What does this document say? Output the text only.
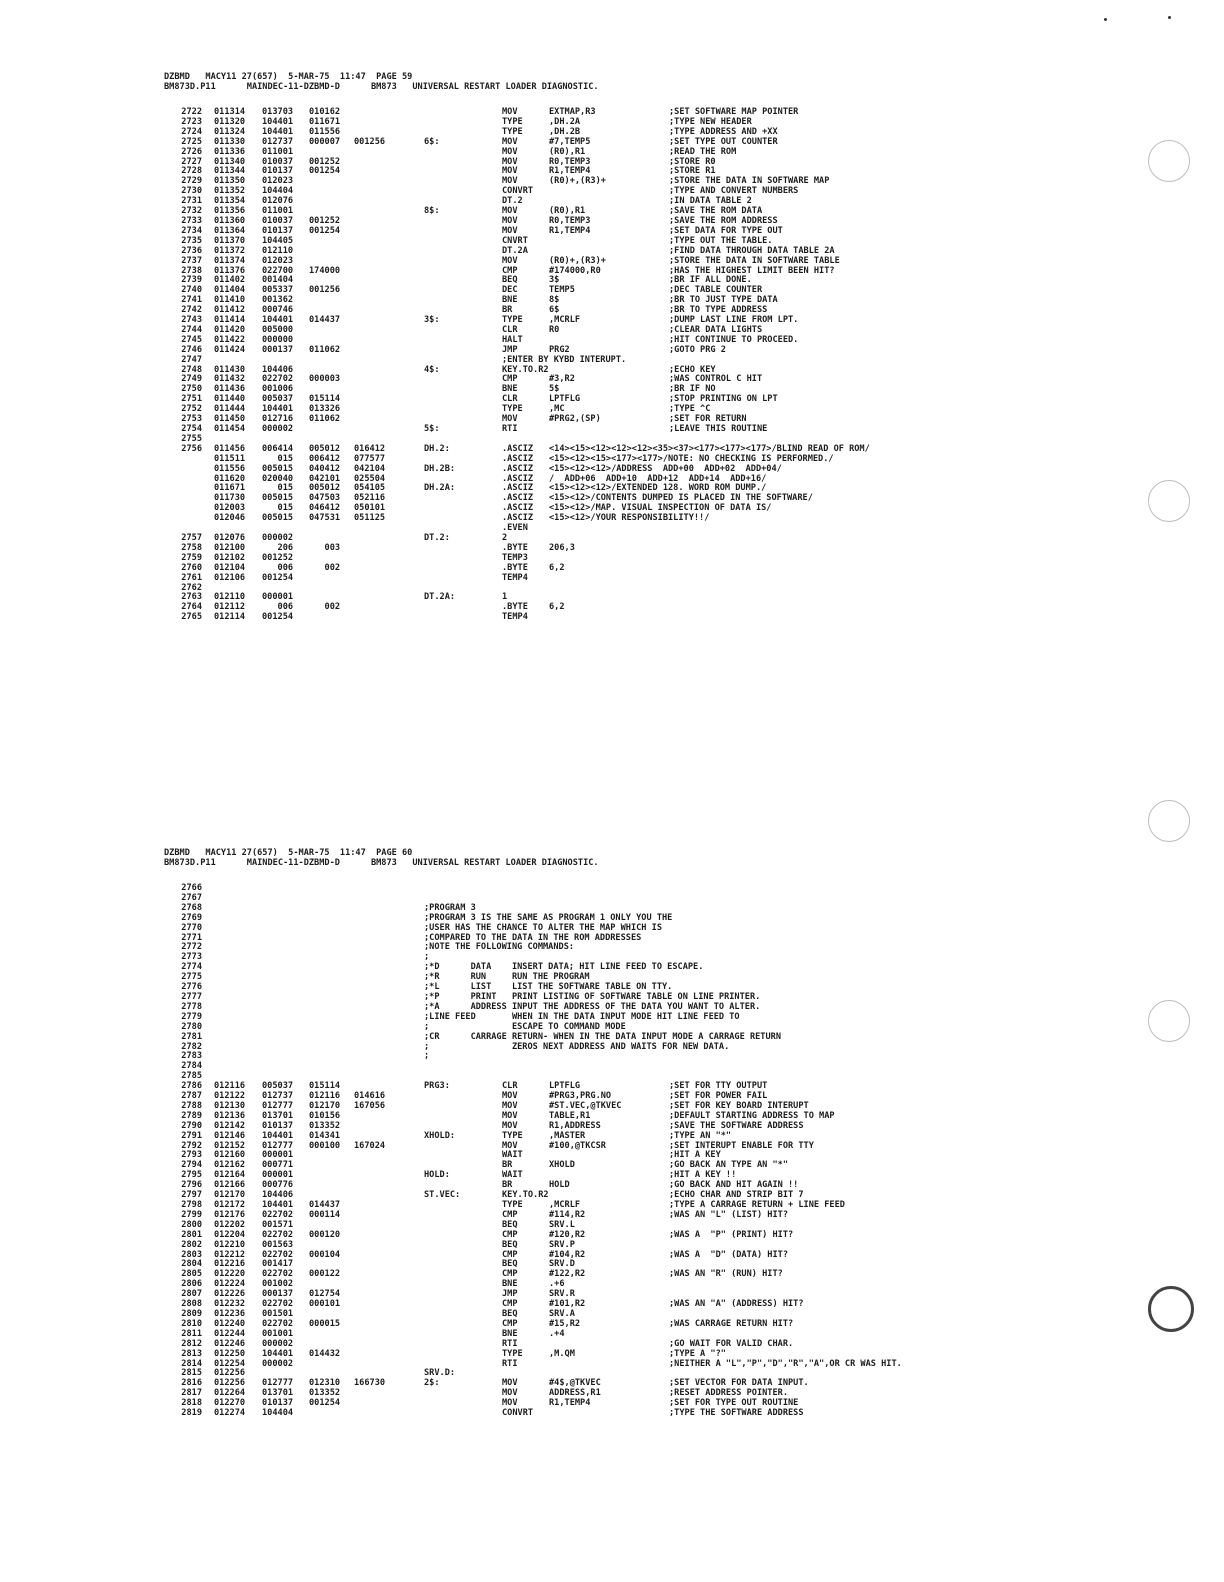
DZBMD   MACY11 27(657)  5-MAR-75  11:47  PAGE 59
BM873D.P11      MAINDEC-11-DZBMD-D      BM873   UNIVERSAL RESTART LOADER DIAGNOSTIC.
2722 011314 013703 010162	MOV	EXTMAP,R3	;SET SOFTWARE MAP POINTER
2723 011320 104401 011671	TYPE	,DH.2A	;TYPE NEW HEADER
2724 011324 104401 011556	TYPE	,DH.2B	;TYPE ADDRESS AND +XX
2725 011330 012737 000007 001256	6$:	MOV	#7,TEMP5	;SET TYPE OUT COUNTER
2726 011336 011001	MOV	(R0),R1	;READ THE ROM
2727 011340 010037 001252	MOV	R0,TEMP3	;STORE R0
2728 011344 010137 001254	MOV	R1,TEMP4	;STORE R1
2729 011350 012023	MOV	(R0)+,(R3)+	;STORE THE DATA IN SOFTWARE MAP
2730 011352 104404	CONVRT	;TYPE AND CONVERT NUMBERS
2731 011354 012076	DT.2	;IN DATA TABLE 2
2732 011356 011001	8$:	MOV	(R0),R1	;SAVE THE ROM DATA
2733 011360 010037 001252	MOV	R0,TEMP3	;SAVE THE ROM ADDRESS
2734 011364 010137 001254	MOV	R1,TEMP4	;SET DATA FOR TYPE OUT
2735 011370 104405	CNVRT	;TYPE OUT THE TABLE.
2736 011372 012110	DT.2A	;FIND DATA THROUGH DATA TABLE 2A
2737 011374 012023	MOV	(R0)+,(R3)+	;STORE THE DATA IN SOFTWARE TABLE
2738 011376 022700 174000	CMP	#174000,R0	;HAS THE HIGHEST LIMIT BEEN HIT?
2739 011402 001404	BEQ	3$	;BR IF ALL DONE.
2740 011404 005337 001256	DEC	TEMP5	;DEC TABLE COUNTER
2741 011410 001362	BNE	8$	;BR TO JUST TYPE DATA
2742 011412 000746	BR	6$	;BR TO TYPE ADDRESS
2743 011414 104401 014437	3$:	TYPE	,MCRLF	;DUMP LAST LINE FROM LPT.
2744 011420 005000	CLR	R0	;CLEAR DATA LIGHTS
2745 011422 000000	HALT	;HIT CONTINUE TO PROCEED.
2746 011424 000137 011062	JMP	PRG2	;GOTO PRG 2
2747	;ENTER BY KYBD INTERUPT.
2748 011430 104406	4$:	KEY.TO.R2	;ECHO KEY
2749 011432 022702 000003	CMP	#3,R2	;WAS CONTROL C HIT
2750 011436 001006	BNE	5$	;BR IF NO
2751 011440 005037 015114	CLR	LPTFLG	;STOP PRINTING ON LPT
2752 011444 104401 013326	TYPE	,MC	;TYPE ^C
2753 011450 012716 011062	MOV	#PRG2,(SP)	;SET FOR RETURN
2754 011454 000002	5$:	RTI	;LEAVE THIS ROUTINE
2755
2756 011456 006414 005012 016412	DH.2:	.ASCIZ <14><15><12><12><12><35><37><177><177><177>/BLIND READ OF ROM/
011511 015 006412 077577	.ASCIZ <15><12><15><177><177>/NOTE: NO CHECKING IS PERFORMED./
011556 005015 040412 042104	DH.2B:	.ASCIZ <15><12><12>/ADDRESS  ADD+00  ADD+02  ADD+04/
011620 020040 042101 025504	.ASCIZ /  ADD+06  ADD+10  ADD+12  ADD+14  ADD+16/
011671 015 005012 054105	DH.2A:	.ASCIZ <15><12><12>/EXTENDED 128. WORD ROM DUMP./
011730 005015 047503 052116	.ASCIZ <15><12>/CONTENTS DUMPED IS PLACED IN THE SOFTWARE/
012003 015 046412 050101	.ASCIZ <15><12>/MAP. VISUAL INSPECTION OF DATA IS/
012046 005015 047531 051125	.ASCIZ <15><12>/YOUR RESPONSIBILITY!!/
.EVEN
2757 012076 000002	DT.2:	2
2758 012100 206 003	.BYTE 206,3
2759 012102 001252	TEMP3
2760 012104 006 002	.BYTE 6,2
2761 012106 001254	TEMP4
2762
2763 012110 000001	DT.2A:	1
2764 012112 006 002	.BYTE 6,2
2765 012114 001254	TEMP4
DZBMD   MACY11 27(657)  5-MAR-75  11:47  PAGE 60
BM873D.P11      MAINDEC-11-DZBMD-D      BM873   UNIVERSAL RESTART LOADER DIAGNOSTIC.
2766
2767
2768	;PROGRAM 3
2769	;PROGRAM 3 IS THE SAME AS PROGRAM 1 ONLY YOU THE
2770	;USER HAS THE CHANCE TO ALTER THE MAP WHICH IS
2771	;COMPARED TO THE DATA IN THE ROM ADDRESSES
2772	;NOTE THE FOLLOWING COMMANDS:
2773	;
2774	;*D      DATA    INSERT DATA; HIT LINE FEED TO ESCAPE.
2775	;*R      RUN     RUN THE PROGRAM
2776	;*L      LIST    LIST THE SOFTWARE TABLE ON TTY.
2777	;*P      PRINT   PRINT LISTING OF SOFTWARE TABLE ON LINE PRINTER.
2778	;*A      ADDRESS INPUT THE ADDRESS OF THE DATA YOU WANT TO ALTER.
2779	;LINE FEED       WHEN IN THE DATA INPUT MODE HIT LINE FEED TO
2780	;                ESCAPE TO COMMAND MODE
2781	;CR      CARRAGE RETURN- WHEN IN THE DATA INPUT MODE A CARRAGE RETURN
2782	;                ZEROS NEXT ADDRESS AND WAITS FOR NEW DATA.
2783	;
2784
2785
2786 012116 005037 015114	PRG3:	CLR	LPTFLG	;SET FOR TTY OUTPUT
2787 012122 012737 012116 014616	MOV	#PRG3,PRG.NO	;SET FOR POWER FAIL
2788 012130 012777 012170 167056	MOV	#ST.VEC,@TKVEC	;SET FOR KEY BOARD INTERUPT
2789 012136 013701 010156	MOV	TABLE,R1	;DEFAULT STARTING ADDRESS TO MAP
2790 012142 010137 013352	MOV	R1,ADDRESS	;SAVE THE SOFTWARE ADDRESS
2791 012146 104401 014341	XHOLD:	TYPE	,MASTER	;TYPE AN "*"
2792 012152 012777 000100 167024	MOV	#100,@TKCSR	;SET INTERUPT ENABLE FOR TTY
2793 012160 000001	WAIT	;HIT A KEY
2794 012162 000771	BR	XHOLD	;GO BACK AN TYPE AN "*"
2795 012164 000001	HOLD:	WAIT	;HIT A KEY !!
2796 012166 000776	BR	HOLD	;GO BACK AND HIT AGAIN !!
2797 012170 104406	ST.VEC:	KEY.TO.R2	;ECHO CHAR AND STRIP BIT 7
2798 012172 104401 014437	TYPE	,MCRLF	;TYPE A CARRAGE RETURN + LINE FEED
2799 012176 022702 000114	CMP	#114,R2	;WAS AN "L" (LIST) HIT?
2800 012202 001571	BEQ	SRV.L
2801 012204 022702 000120	CMP	#120,R2	;WAS A  "P" (PRINT) HIT?
2802 012210 001563	BEQ	SRV.P
2803 012212 022702 000104	CMP	#104,R2	;WAS A  "D" (DATA) HIT?
2804 012216 001417	BEQ	SRV.D
2805 012220 022702 000122	CMP	#122,R2	;WAS AN "R" (RUN) HIT?
2806 012224 001002	BNE	.+6
2807 012226 000137 012754	JMP	SRV.R
2808 012232 022702 000101	CMP	#101,R2	;WAS AN "A" (ADDRESS) HIT?
2809 012236 001501	BEQ	SRV.A
2810 012240 022702 000015	CMP	#15,R2	;WAS CARRAGE RETURN HIT?
2811 012244 001001	BNE	.+4
2812 012246 000002	RTI	;GO WAIT FOR VALID CHAR.
2813 012250 104401 014432	TYPE	,M.QM	;TYPE A "?"
2814 012254 000002	RTI	;NEITHER A "L","P","D","R","A",OR CR WAS HIT.
2815 012256	SRV.D:
2816 012256 012777 012310 166730	2$:	MOV	#4$,@TKVEC	;SET VECTOR FOR DATA INPUT.
2817 012264 013701 013352	MOV	ADDRESS,R1	;RESET ADDRESS POINTER.
2818 012270 010137 001254	MOV	R1,TEMP4	;SET FOR TYPE OUT ROUTINE
2819 012274 104404	CONVRT	;TYPE THE SOFTWARE ADDRESS
